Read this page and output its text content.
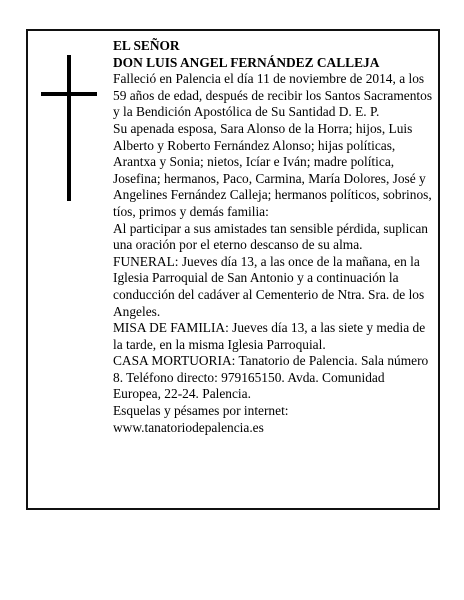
EL SEÑOR

DON LUIS ANGEL FERNÁNDEZ CALLEJA

Falleció en Palencia el día 11 de noviembre de 2014, a los 59 años de edad, después de recibir los Santos Sacramentos y la Bendición Apostólica de Su Santidad D. E. P.

Su apenada esposa, Sara Alonso de la Horra; hijos, Luis Alberto y Roberto Fernández Alonso; hijas políticas, Arantxa y Sonia; nietos, Icíar e Iván; madre política, Josefina; hermanos, Paco, Carmina, María Dolores, José y Angelines Fernández Calleja; hermanos políticos, sobrinos, tíos, primos y demás familia:

Al participar a sus amistades tan sensible pérdida, suplican una oración por el eterno descanso de su alma.

FUNERAL: Jueves día 13, a las once de la mañana, en la Iglesia Parroquial de San Antonio y a continuación la conducción del cadáver al Cementerio de Ntra. Sra. de los Angeles.

MISA DE FAMILIA: Jueves día 13, a las siete y media de la tarde, en la misma Iglesia Parroquial.

CASA MORTUORIA: Tanatorio de Palencia. Sala número 8. Teléfono directo: 979165150. Avda. Comunidad Europea, 22-24. Palencia.

Esquelas y pésames por internet:

www.tanatoriodepalencia.es
